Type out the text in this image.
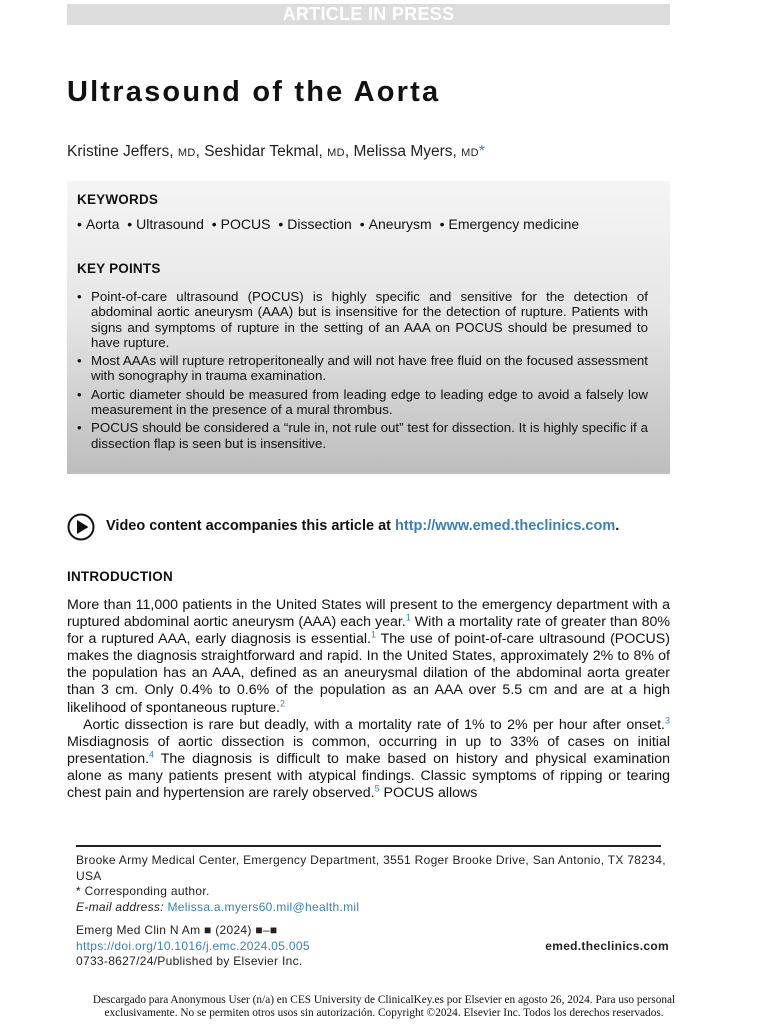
ARTICLE IN PRESS
Ultrasound of the Aorta
Kristine Jeffers, MD, Seshidar Tekmal, MD, Melissa Myers, MD*
KEYWORDS
• Aorta • Ultrasound • POCUS • Dissection • Aneurysm • Emergency medicine
KEY POINTS
• Point-of-care ultrasound (POCUS) is highly specific and sensitive for the detection of abdominal aortic aneurysm (AAA) but is insensitive for the detection of rupture. Patients with signs and symptoms of rupture in the setting of an AAA on POCUS should be presumed to have rupture.
• Most AAAs will rupture retroperitoneally and will not have free fluid on the focused assessment with sonography in trauma examination.
• Aortic diameter should be measured from leading edge to leading edge to avoid a falsely low measurement in the presence of a mural thrombus.
• POCUS should be considered a “rule in, not rule out” test for dissection. It is highly specific if a dissection flap is seen but is insensitive.
Video content accompanies this article at http://www.emed.theclinics.com.
INTRODUCTION

More than 11,000 patients in the United States will present to the emergency department with a ruptured abdominal aortic aneurysm (AAA) each year.$^1$ With a mortality rate of greater than 80% for a ruptured AAA, early diagnosis is essential.$^1$ The use of point-of-care ultrasound (POCUS) makes the diagnosis straightforward and rapid. In the United States, approximately 2% to 8% of the population has an AAA, defined as an aneurysmal dilation of the abdominal aorta greater than 3 cm. Only 0.4% to 0.6% of the population as an AAA over 5.5 cm and are at a high likelihood of spontaneous rupture.$^2$

Aortic dissection is rare but deadly, with a mortality rate of 1% to 2% per hour after onset.$^3$ Misdiagnosis of aortic dissection is common, occurring in up to 33% of cases on initial presentation.$^4$ The diagnosis is difficult to make based on history and physical examination alone as many patients present with atypical findings. Classic symptoms of ripping or tearing chest pain and hypertension are rarely observed.$^5$ POCUS allows

Brooke Army Medical Center, Emergency Department, 3551 Roger Brooke Drive, San Antonio, TX 78234, USA
* Corresponding author.
E-mail address: Melissa.a.myers60.mil@health.mil
Emerg Med Clin N Am ■ (2024) ■–■
https://doi.org/10.1016/j.emc.2024.05.005
0733-8627/24/Published by Elsevier Inc.
emed.theclinics.com
Descargado para Anonymous User (n/a) en CES University de ClinicalKey.es por Elsevier en agosto 26, 2024. Para uso personal
exclusivamente. No se permiten otros usos sin autorización. Copyright ©2024. Elsevier Inc. Todos los derechos reservados.
